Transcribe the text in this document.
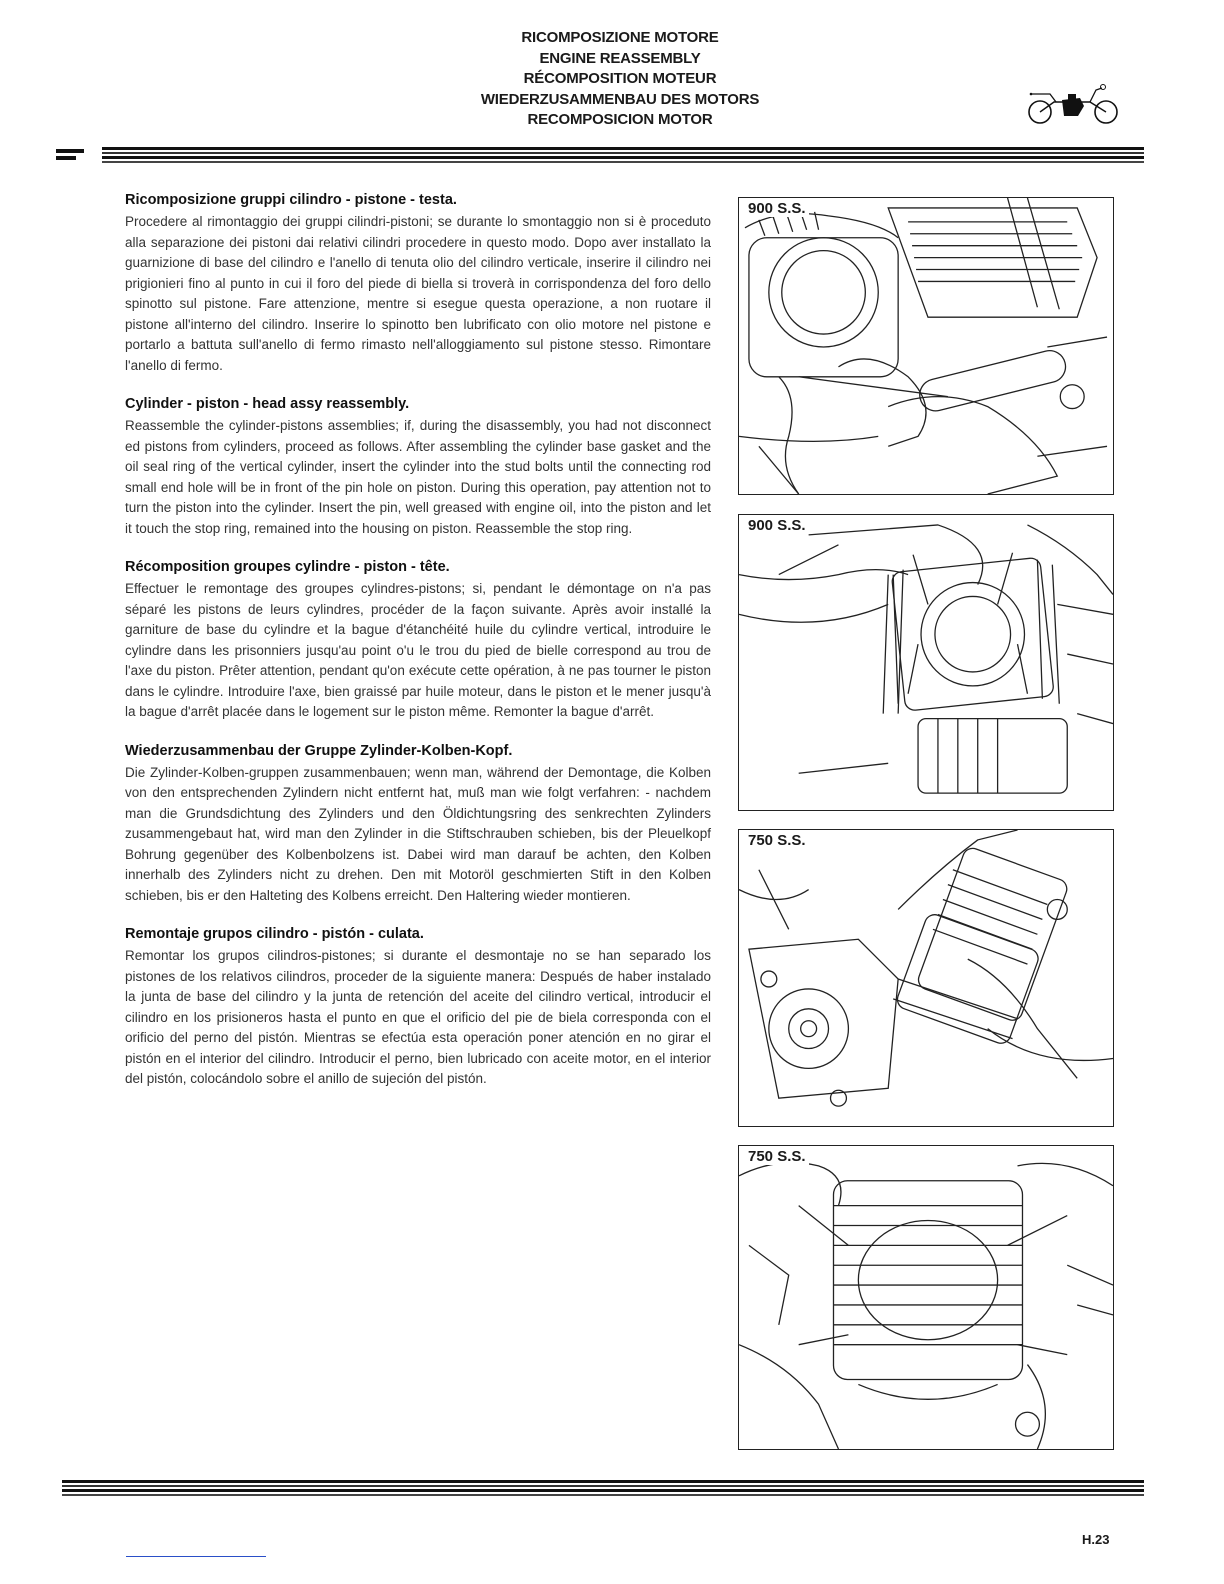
RICOMPOSIZIONE MOTORE
ENGINE REASSEMBLY
RÉCOMPOSITION MOTEUR
WIEDERZUSAMMENBAU DES MOTORS
RECOMPOSICION MOTOR
Ricomposizione gruppi cilindro - pistone - testa.

Procedere al rimontaggio dei gruppi cilindri-pistoni; se durante lo smontaggio non si è proceduto alla separazione dei pistoni dai relativi cilindri procedere in questo modo. Dopo aver installato la guarnizione di base del cilindro e l'anello di tenuta olio del cilindro verticale, inserire il cilindro nei prigionieri fino al punto in cui il foro del piede di biella si troverà in corrispondenza del foro dello spinotto sul pistone. Fare attenzione, mentre si esegue questa operazione, a non ruotare il pistone all'interno del cilindro. Inserire lo spinotto ben lubrificato con olio motore nel pistone e portarlo a battuta sull'anello di fermo rimasto nell'alloggiamento sul pistone stesso. Rimontare l'anello di fermo.

Cylinder - piston - head assy reassembly.

Reassemble the cylinder-pistons assemblies; if, during the disassembly, you had not disconnect ed pistons from cylinders, proceed as follows. After assembling the cylinder base gasket and the oil seal ring of the vertical cylinder, insert the cylinder into the stud bolts until the connecting rod small end hole will be in front of the pin hole on piston. During this operation, pay attention not to turn the piston into the cylinder. Insert the pin, well greased with engine oil, into the piston and let it touch the stop ring, remained into the housing on piston. Reassemble the stop ring.

Récomposition groupes cylindre - piston - tête.

Effectuer le remontage des groupes cylindres-pistons; si, pendant le démontage on n'a pas séparé les pistons de leurs cylindres, procéder de la façon suivante. Après avoir installé la garniture de base du cylindre et la bague d'étanchéité huile du cylindre vertical, introduire le cylindre dans les prisonniers jusqu'au point o'u le trou du pied de bielle correspond au trou de l'axe du piston. Prêter attention, pendant qu'on exécute cette opération, à ne pas tourner le piston dans le cylindre. Introduire l'axe, bien graissé par huile moteur, dans le piston et le mener jusqu'à la bague d'arrêt placée dans le logement sur le piston même. Remonter la bague d'arrêt.

Wiederzusammenbau der Gruppe Zylinder-Kolben-Kopf.

Die Zylinder-Kolben-gruppen zusammenbauen; wenn man, während der Demontage, die Kolben von den entsprechenden Zylindern nicht entfernt hat, muß man wie folgt verfahren: - nachdem man die Grundsdichtung des Zylinders und den Öldichtungsring des senkrechten Zylinders zusammengebaut hat, wird man den Zylinder in die Stiftschrauben schieben, bis der Pleuelkopf Bohrung gegenüber des Kolbenbolzens ist. Dabei wird man darauf be achten, den Kolben innerhalb des Zylinders nicht zu drehen. Den mit Motoröl geschmierten Stift in den Kolben schieben, bis er den Halteting des Kolbens erreicht. Den Haltering wieder montieren.

Remontaje grupos cilindro - pistón - culata.

Remontar los grupos cilindros-pistones; si durante el desmontaje no se han separado los pistones de los relativos cilindros, proceder de la siguiente manera: Después de haber instalado la junta de base del cilindro y la junta de retención del aceite del cilindro vertical, introducir el cilindro en los prisioneros hasta el punto en que el orificio del pie de biela corresponda con el orificio del perno del pistón. Mientras se efectúa esta operación poner atención en no girar el pistón en el interior del cilindro. Introducir el perno, bien lubricado con aceite motor, en el interior del pistón, colocándolo sobre el anillo de sujeción del pistón.

900 S.S.
900 S.S.
750 S.S.
750 S.S.
H.23
